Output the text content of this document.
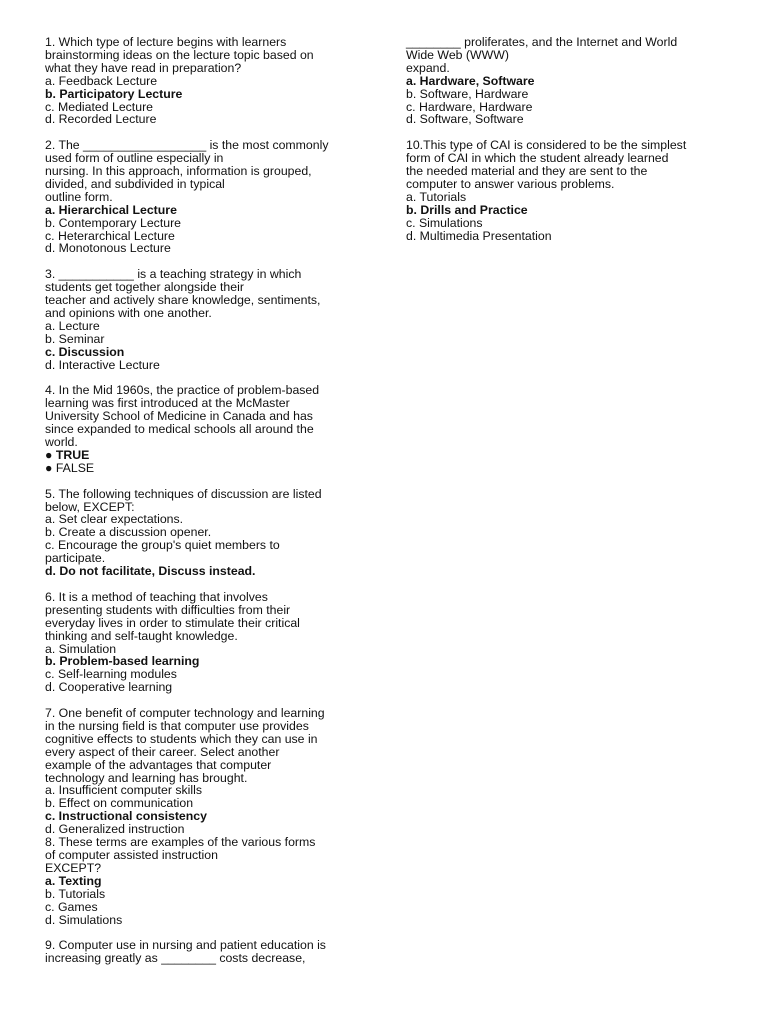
1. Which type of lecture begins with learners
brainstorming ideas on the lecture topic based on
what they have read in preparation?
a. Feedback Lecture
b. Participatory Lecture
c. Mediated Lecture
d. Recorded Lecture
2. The __________________ is the most commonly
used form of outline especially in
nursing. In this approach, information is grouped,
divided, and subdivided in typical
outline form.
a. Hierarchical Lecture
b. Contemporary Lecture
c. Heterarchical Lecture
d. Monotonous Lecture
3. ___________ is a teaching strategy in which
students get together alongside their
teacher and actively share knowledge, sentiments,
and opinions with one another.
a. Lecture
b. Seminar
c. Discussion
d. Interactive Lecture
4. In the Mid 1960s, the practice of problem-based
learning was first introduced at the McMaster
University School of Medicine in Canada and has
since expanded to medical schools all around the
world.
● TRUE
● FALSE
5. The following techniques of discussion are listed
below, EXCEPT:
a. Set clear expectations.
b. Create a discussion opener.
c. Encourage the group's quiet members to
participate.
d. Do not facilitate, Discuss instead.
6. It is a method of teaching that involves
presenting students with difficulties from their
everyday lives in order to stimulate their critical
thinking and self-taught knowledge.
a. Simulation
b. Problem-based learning
c. Self-learning modules
d. Cooperative learning
7. One benefit of computer technology and learning
in the nursing field is that computer use provides
cognitive effects to students which they can use in
every aspect of their career. Select another
example of the advantages that computer
technology and learning has brought.
a. Insufficient computer skills
b. Effect on communication
c. Instructional consistency
d. Generalized instruction
8. These terms are examples of the various forms
of computer assisted instruction
EXCEPT?
a. Texting
b. Tutorials
c. Games
d. Simulations
9. Computer use in nursing and patient education is
increasing greatly as ________ costs decrease,
________ proliferates, and the Internet and World
Wide Web (WWW)
expand.
a. Hardware, Software
b. Software, Hardware
c. Hardware, Hardware
d. Software, Software
10.This type of CAI is considered to be the simplest
form of CAI in which the student already learned
the needed material and they are sent to the
computer to answer various problems.
a. Tutorials
b. Drills and Practice
c. Simulations
d. Multimedia Presentation
